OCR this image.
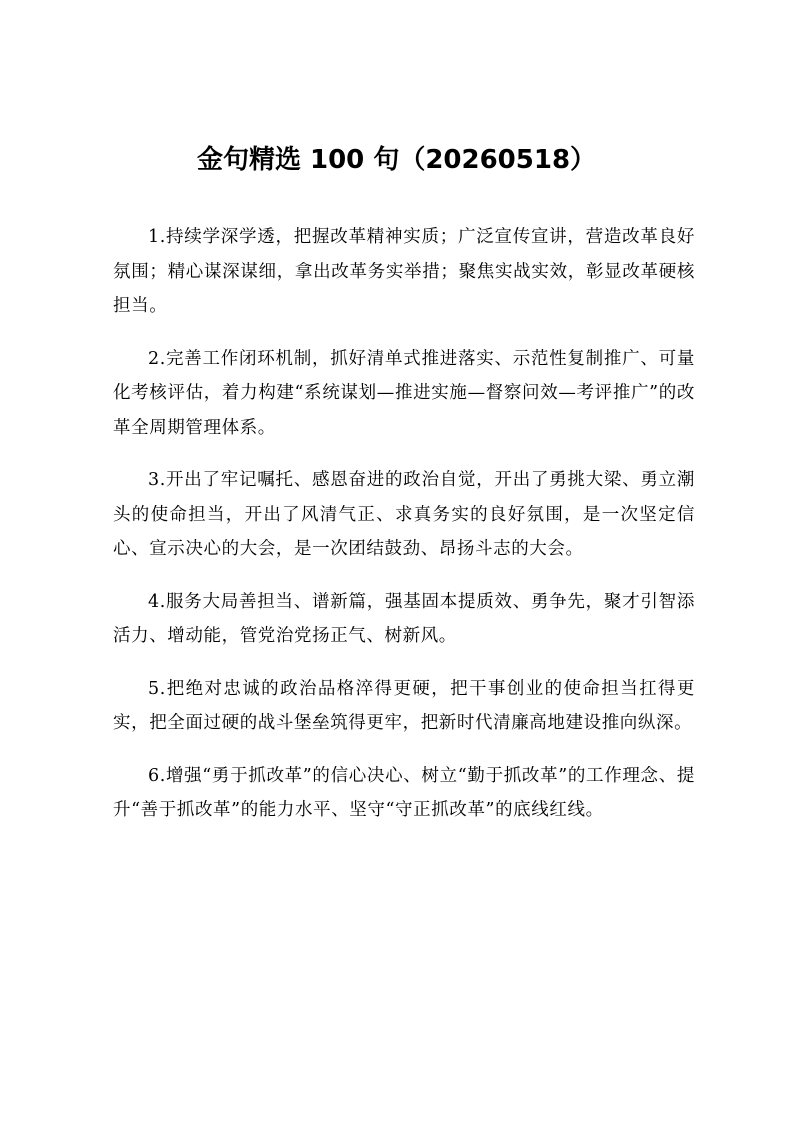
金句精选 100 句（20260518）

1.持续学深学透，把握改革精神实质；广泛宣传宣讲，营造改革良好氛围；精心谋深谋细，拿出改革务实举措；聚焦实战实效，彰显改革硬核担当。

2.完善工作闭环机制，抓好清单式推进落实、示范性复制推广、可量化考核评估，着力构建“系统谋划—推进实施—督察问效—考评推广”的改革全周期管理体系。

3.开出了牢记嘱托、感恩奋进的政治自觉，开出了勇挑大梁、勇立潮头的使命担当，开出了风清气正、求真务实的良好氛围，是一次坚定信心、宣示决心的大会，是一次团结鼓劲、昂扬斗志的大会。

4.服务大局善担当、谱新篇，强基固本提质效、勇争先，聚才引智添活力、增动能，管党治党扬正气、树新风。

5.把绝对忠诚的政治品格淬得更硬，把干事创业的使命担当扛得更实，把全面过硬的战斗堡垒筑得更牢，把新时代清廉高地建设推向纵深。

6.增强“勇于抓改革”的信心决心、树立“勤于抓改革”的工作理念、提升“善于抓改革”的能力水平、坚守“守正抓改革”的底线红线。
